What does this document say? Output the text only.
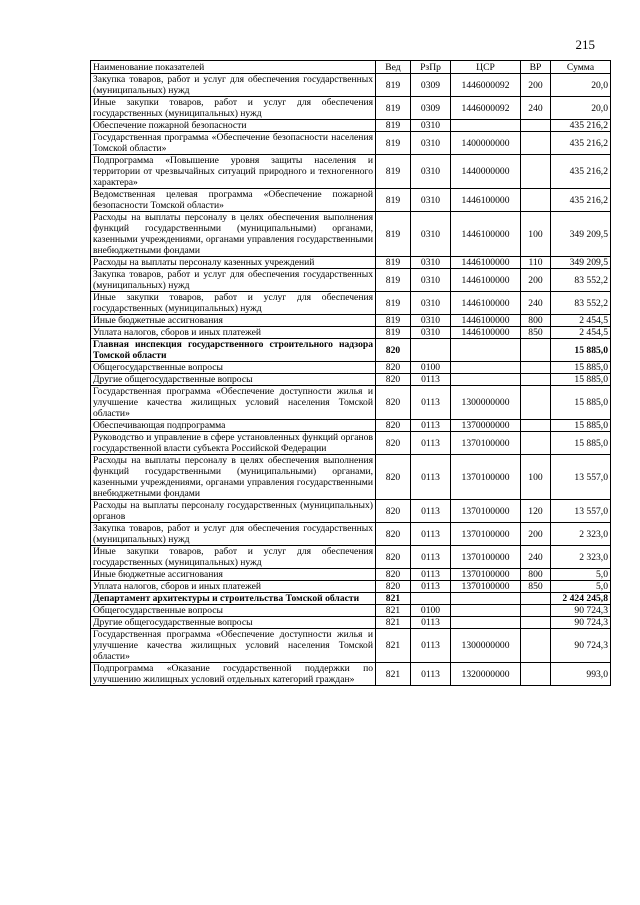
215
Наименование показателей	Вед	РзПр	ЦСР	ВР	Сумма
Закупка товаров, работ и услуг для обеспечения государственных (муниципальных) нужд	819	0309	1446000092	200	20,0
Иные закупки товаров, работ и услуг для обеспечения государственных (муниципальных) нужд	819	0309	1446000092	240	20,0
Обеспечение пожарной безопасности	819	0310			435 216,2
Государственная программа «Обеспечение безопасности населения Томской области»	819	0310	1400000000		435 216,2
Подпрограмма «Повышение уровня защиты населения и территории от чрезвычайных ситуаций природного и техногенного характера»	819	0310	1440000000		435 216,2
Ведомственная целевая программа «Обеспечение пожарной безопасности Томской области»	819	0310	1446100000		435 216,2
Расходы на выплаты персоналу в целях обеспечения выполнения функций государственными (муниципальными) органами, казенными учреждениями, органами управления государственными внебюджетными фондами	819	0310	1446100000	100	349 209,5
Расходы на выплаты персоналу казенных учреждений	819	0310	1446100000	110	349 209,5
Закупка товаров, работ и услуг для обеспечения государственных (муниципальных) нужд	819	0310	1446100000	200	83 552,2
Иные закупки товаров, работ и услуг для обеспечения государственных (муниципальных) нужд	819	0310	1446100000	240	83 552,2
Иные бюджетные ассигнования	819	0310	1446100000	800	2 454,5
Уплата налогов, сборов и иных платежей	819	0310	1446100000	850	2 454,5
Главная инспекция государственного строительного надзора Томской области	820				15 885,0
Общегосударственные вопросы	820	0100			15 885,0
Другие общегосударственные вопросы	820	0113			15 885,0
Государственная программа «Обеспечение доступности жилья и улучшение качества жилищных условий населения Томской области»	820	0113	1300000000		15 885,0
Обеспечивающая подпрограмма	820	0113	1370000000		15 885,0
Руководство и управление в сфере установленных функций органов государственной власти субъекта Российской Федерации	820	0113	1370100000		15 885,0
Расходы на выплаты персоналу в целях обеспечения выполнения функций государственными (муниципальными) органами, казенными учреждениями, органами управления государственными внебюджетными фондами	820	0113	1370100000	100	13 557,0
Расходы на выплаты персоналу государственных (муниципальных) органов	820	0113	1370100000	120	13 557,0
Закупка товаров, работ и услуг для обеспечения государственных (муниципальных) нужд	820	0113	1370100000	200	2 323,0
Иные закупки товаров, работ и услуг для обеспечения государственных (муниципальных) нужд	820	0113	1370100000	240	2 323,0
Иные бюджетные ассигнования	820	0113	1370100000	800	5,0
Уплата налогов, сборов и иных платежей	820	0113	1370100000	850	5,0
Департамент архитектуры и строительства Томской области	821				2 424 245,8
Общегосударственные вопросы	821	0100			90 724,3
Другие общегосударственные вопросы	821	0113			90 724,3
Государственная программа «Обеспечение доступности жилья и улучшение качества жилищных условий населения Томской области»	821	0113	1300000000		90 724,3
Подпрограмма «Оказание государственной поддержки по улучшению жилищных условий отдельных категорий граждан»	821	0113	1320000000		993,0
